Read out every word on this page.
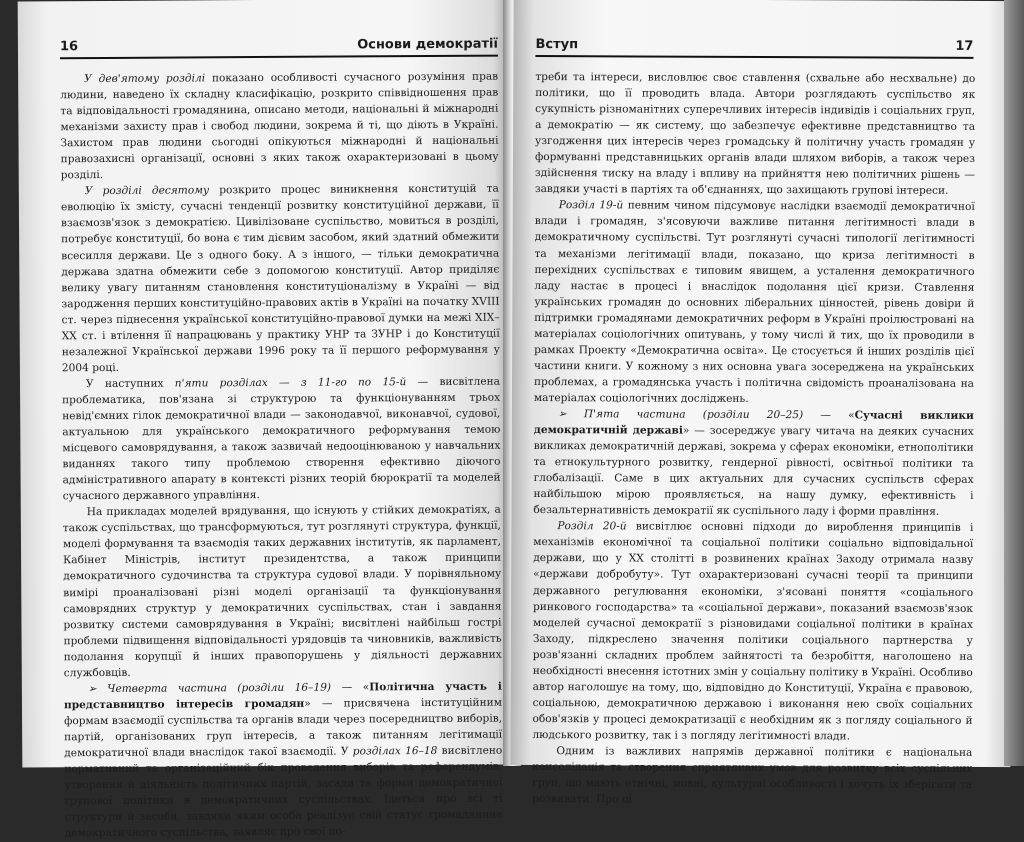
16	Основи демократії

У дев'ятому розділі показано особливості сучасного розуміння прав людини, наведено їх складну класифікацію, розкрито співвідношення прав та відповідальності громадянина, описано методи, національні й міжнародні механізми захисту прав і свобод людини, зокрема й ті, що діють в Україні. Захистом прав людини сьогодні опікуються міжнародні й національні правозахисні організації, основні з яких також охарактеризовані в цьому розділі.

У розділі десятому розкрито процес виникнення конституцій та еволюцію їх змісту, сучасні тенденції розвитку конституційної держави, її взаємозв'язок з демократією. Цивілізоване суспільство, мовиться в розділі, потребує конституції, бо вона є тим дієвим засобом, який здатний обмежити всесилля держави. Це з одного боку. А з іншого, — тільки демократична держава здатна обмежити себе з допомогою конституції. Автор приділяє велику увагу питанням становлення конституціоналізму в Україні — від зародження перших конституційно-правових актів в Україні на початку XVIII ст. через піднесення української конституційно-правової думки на межі XIX–XX ст. і втілення її напрацювань у практику УНР та ЗУНР і до Конституції незалежної Української держави 1996 року та її першого реформування у 2004 році.

У наступних п'яти розділах — з 11-го по 15-й — висвітлена проблематика, пов'язана зі структурою та функціонуванням трьох невід'ємних гілок демократичної влади — законодавчої, виконавчої, судової, актуальною для українського демократичного реформування темою місцевого самоврядування, а також зазвичай недооцінюваною у навчальних виданнях такого типу проблемою створення ефективно діючого адміністративного апарату в контексті різних теорій бюрократії та моделей сучасного державного управління.

На прикладах моделей врядування, що існують у стійких демократіях, а також суспільствах, що трансформуються, тут розглянуті структура, функції, моделі формування та взаємодія таких державних інститутів, як парламент, Кабінет Міністрів, інститут президентства, а також принципи демократичного судочинства та структура судової влади. У порівняльному вимірі проаналізовані різні моделі організації та функціонування самоврядних структур у демократичних суспільствах, стан і завдання розвитку системи самоврядування в Україні; висвітлені найбільш гострі проблеми підвищення відповідальності урядовців та чиновників, важливість подолання корупції й інших правопорушень у діяльності державних службовців.

➢ Четверта частина (розділи 16–19) — «Політична участь і представництво інтересів громадян» — присвячена інституційним формам взаємодії суспільства та органів влади через посередництво виборів, партій, організованих груп інтересів, а також питанням легітимації демократичної влади внаслідок такої взаємодії. У розділах 16–18 висвітлено нормативний та організаційний бік проведення виборів та референдумів, утворення й діяльність політичних партій, засади та форми демократичної групової політики в демократичних суспільствах. Ідеться про всі ті структури й засоби, завдяки яким особа реалізує свій статус громадянина демократичного суспільства, заявляє про свої по-

Вступ	17

треби та інтереси, висловлює своє ставлення (схвальне або несхвальне) до політики, що її проводить влада. Автори розглядають суспільство як сукупність різноманітних суперечливих інтересів індивідів і соціальних груп, а демократію — як систему, що забезпечує ефективне представництво та узгодження цих інтересів через громадську й політичну участь громадян у формуванні представницьких органів влади шляхом виборів, а також через здійснення тиску на владу і впливу на прийняття нею політичних рішень — завдяки участі в партіях та об'єднаннях, що захищають групові інтереси.

Розділ 19-й певним чином підсумовує наслідки взаємодії демократичної влади і громадян, з'ясовуючи важливе питання легітимності влади в демократичному суспільстві. Тут розглянуті сучасні типології легітимності та механізми легітимації влади, показано, що криза легітимності в перехідних суспільствах є типовим явищем, а усталення демократичного ладу настає в процесі і внаслідок подолання цієї кризи. Ставлення українських громадян до основних ліберальних цінностей, рівень довіри й підтримки громадянами демократичних реформ в Україні проілюстровані на матеріалах соціологічних опитувань, у тому числі й тих, що їх проводили в рамках Проекту «Демократична освіта». Це стосується й інших розділів цієї частини книги. У кожному з них основна увага зосереджена на українських проблемах, а громадянська участь і політична свідомість проаналізована на матеріалах соціологічних досліджень.

➢ П'ята частина (розділи 20–25) — «Сучасні виклики демократичній державі» — зосереджує увагу читача на деяких сучасних викликах демократичній державі, зокрема у сферах економіки, етнополітики та етнокультурного розвитку, гендерної рівності, освітньої політики та глобалізації. Саме в цих актуальних для сучасних суспільств сферах найбільшою мірою проявляється, на нашу думку, ефективність і безальтернативність демократії як суспільного ладу і форми правління.

Розділ 20-й висвітлює основні підходи до вироблення принципів і механізмів економічної та соціальної політики соціально відповідальної держави, що у XX столітті в розвинених країнах Заходу отримала назву «держави добробуту». Тут охарактеризовані сучасні теорії та принципи державного регулювання економіки, з'ясовані поняття «соціального ринкового господарства» та «соціальної держави», показаний взаємозв'язок моделей сучасної демократії з різновидами соціальної політики в країнах Заходу, підкреслено значення політики соціального партнерства у розв'язанні складних проблем зайнятості та безробіття, наголошено на необхідності внесення істотних змін у соціальну політику в Україні. Особливо автор наголошує на тому, що, відповідно до Конституції, Україна є правовою, соціальною, демократичною державою і виконання нею своїх соціальних обов'язків у процесі демократизації є необхідним як з погляду соціального й людського розвитку, так і з погляду легітимності влади.

Одним із важливих напрямів державної політики є національна консолідація та створення сприятливих умов для розвитку всіх суспільних груп, що мають етнічні, мовні, культурні особливості і хочуть їх зберігати та розвивати. Про ці
